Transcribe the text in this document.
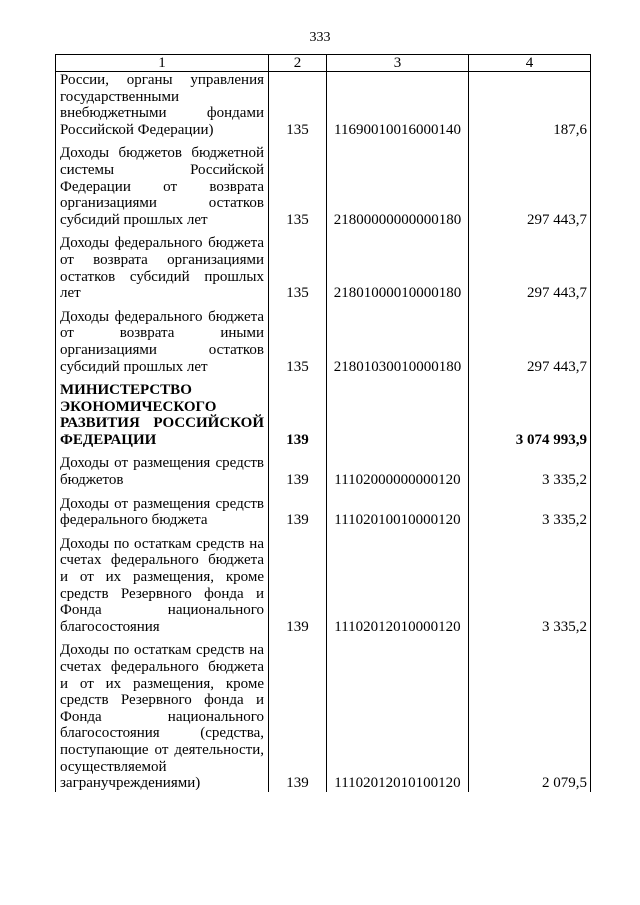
333
1	2	3	4
России, органы управления государственными внебюджетными фондами Российской Федерации)	135	11690010016000140	187,6
Доходы бюджетов бюджетной системы Российской Федерации от возврата организациями остатков субсидий прошлых лет	135	21800000000000180	297 443,7
Доходы федерального бюджета от возврата организациями остатков субсидий прошлых лет	135	21801000010000180	297 443,7
Доходы федерального бюджета от возврата иными организациями остатков субсидий прошлых лет	135	21801030010000180	297 443,7
МИНИСТЕРСТВО ЭКОНОМИЧЕСКОГО РАЗВИТИЯ РОССИЙСКОЙ ФЕДЕРАЦИИ	139		3 074 993,9
Доходы от размещения средств бюджетов	139	11102000000000120	3 335,2
Доходы от размещения средств федерального бюджета	139	11102010010000120	3 335,2
Доходы по остаткам средств на счетах федерального бюджета и от их размещения, кроме средств Резервного фонда и Фонда национального благосостояния	139	11102012010000120	3 335,2
Доходы по остаткам средств на счетах федерального бюджета и от их размещения, кроме средств Резервного фонда и Фонда национального благосостояния (средства, поступающие от деятельности, осуществляемой загранучреждениями)	139	11102012010100120	2 079,5
